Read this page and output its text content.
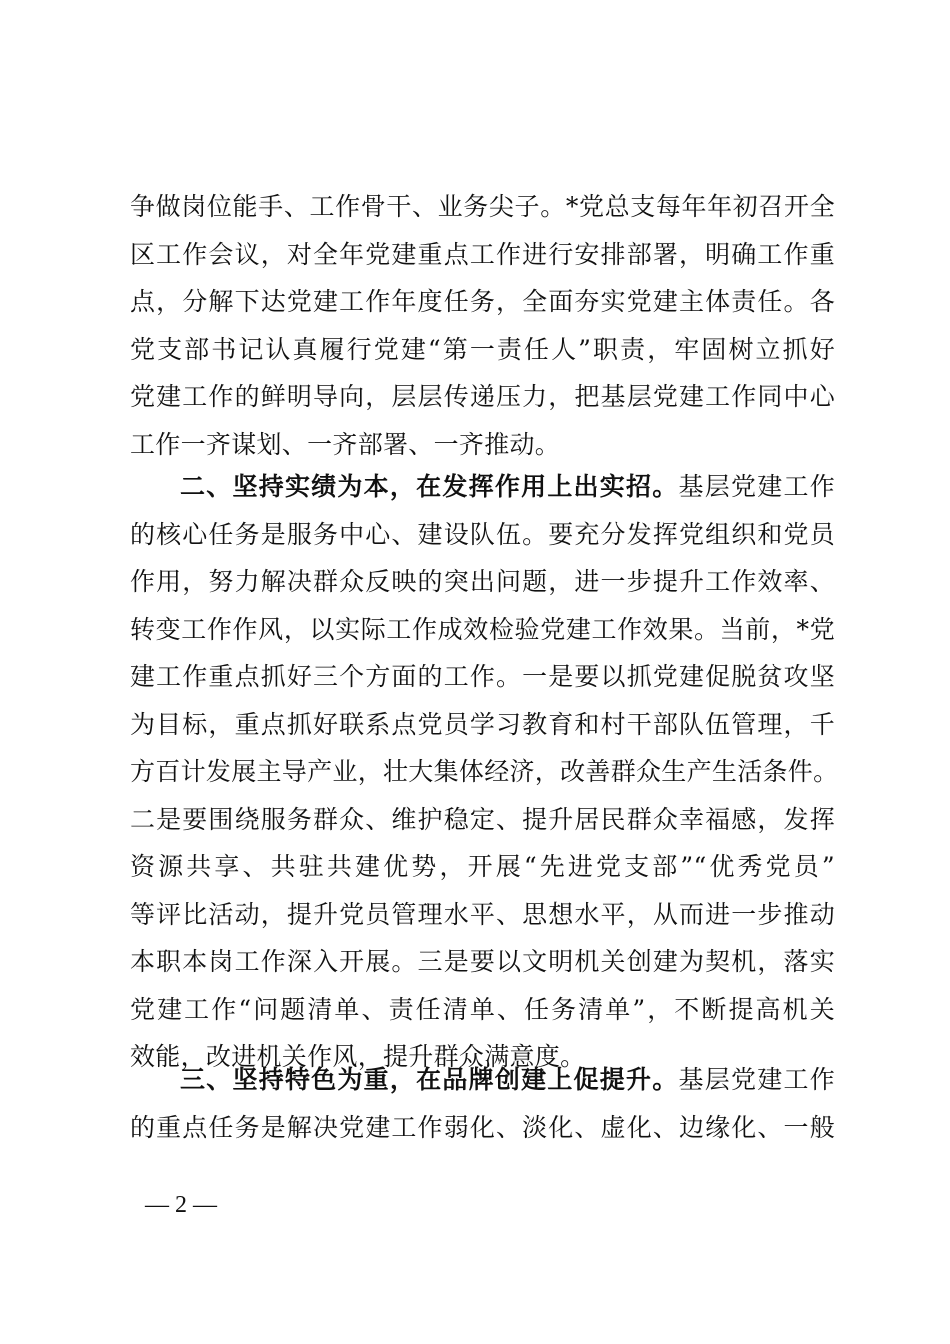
争做岗位能手、工作骨干、业务尖子。*党总支每年年初召开全
区工作会议，对全年党建重点工作进行安排部署，明确工作重
点，分解下达党建工作年度任务，全面夯实党建主体责任。各
党支部书记认真履行党建“第一责任人”职责，牢固树立抓好
党建工作的鲜明导向，层层传递压力，把基层党建工作同中心
工作一齐谋划、一齐部署、一齐推动。
二、坚持实绩为本，在发挥作用上出实招。基层党建工作
的核心任务是服务中心、建设队伍。要充分发挥党组织和党员
作用，努力解决群众反映的突出问题，进一步提升工作效率、
转变工作作风，以实际工作成效检验党建工作效果。当前，*党
建工作重点抓好三个方面的工作。一是要以抓党建促脱贫攻坚
为目标，重点抓好联系点党员学习教育和村干部队伍管理，千
方百计发展主导产业，壮大集体经济，改善群众生产生活条件。
二是要围绕服务群众、维护稳定、提升居民群众幸福感，发挥
资源共享、共驻共建优势，开展“先进党支部”“优秀党员”
等评比活动，提升党员管理水平、思想水平，从而进一步推动
本职本岗工作深入开展。三是要以文明机关创建为契机，落实
党建工作“问题清单、责任清单、任务清单”，不断提高机关
效能，改进机关作风，提升群众满意度。
三、坚持特色为重，在品牌创建上促提升。基层党建工作
的重点任务是解决党建工作弱化、淡化、虚化、边缘化、一般
— 2 —
